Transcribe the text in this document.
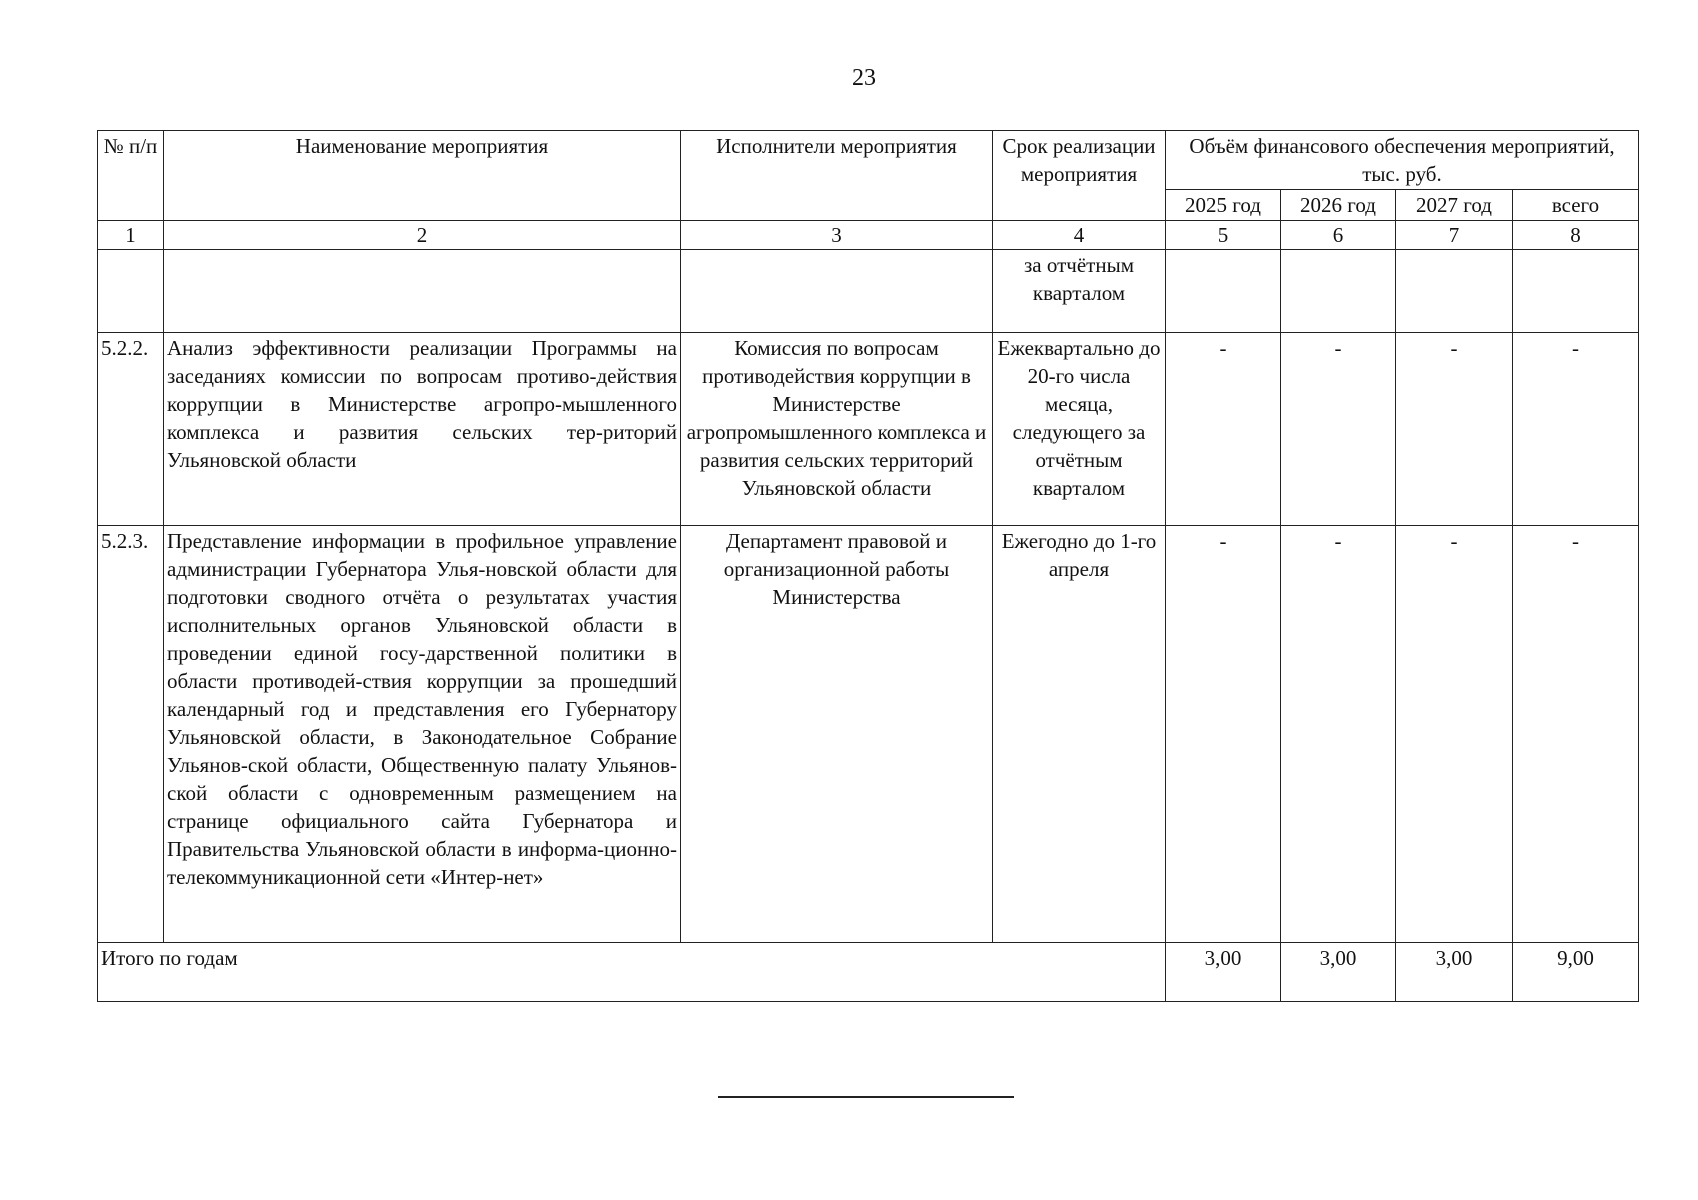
23
№ п/п	Наименование мероприятия	Исполнители мероприятия	Срок реализации мероприятия	Объём финансового обеспечения мероприятий, тыс. руб.			
				2025 год	2026 год	2027 год	всего
1	2	3	4	5	6	7	8
			за отчётным кварталом				
5.2.2.	Анализ эффективности реализации Программы на заседаниях комиссии по вопросам противо-действия коррупции в Министерстве агропро-мышленного комплекса и развития сельских тер-риторий Ульяновской области	Комиссия по вопросам противодействия коррупции в Министерстве агропромышленного комплекса и развития сельских территорий Ульяновской области	Ежеквартально до 20-го числа месяца, следующего за отчётным кварталом	-	-	-	-
5.2.3.	Представление информации в профильное управление администрации Губернатора Улья-новской области для подготовки сводного отчёта о результатах участия исполнительных органов Ульяновской области в проведении единой госу-дарственной политики в области противодей-ствия коррупции за прошедший календарный год и представления его Губернатору Ульяновской области, в Законодательное Собрание Ульянов-ской области, Общественную палату Ульянов-ской области с одновременным размещением на странице официального сайта Губернатора и Правительства Ульяновской области в информа-ционно-телекоммуникационной сети «Интер-нет»	Департамент правовой и организационной работы Министерства	Ежегодно до 1-го апреля	-	-	-	-
Итого по годам				3,00	3,00	3,00	9,00
